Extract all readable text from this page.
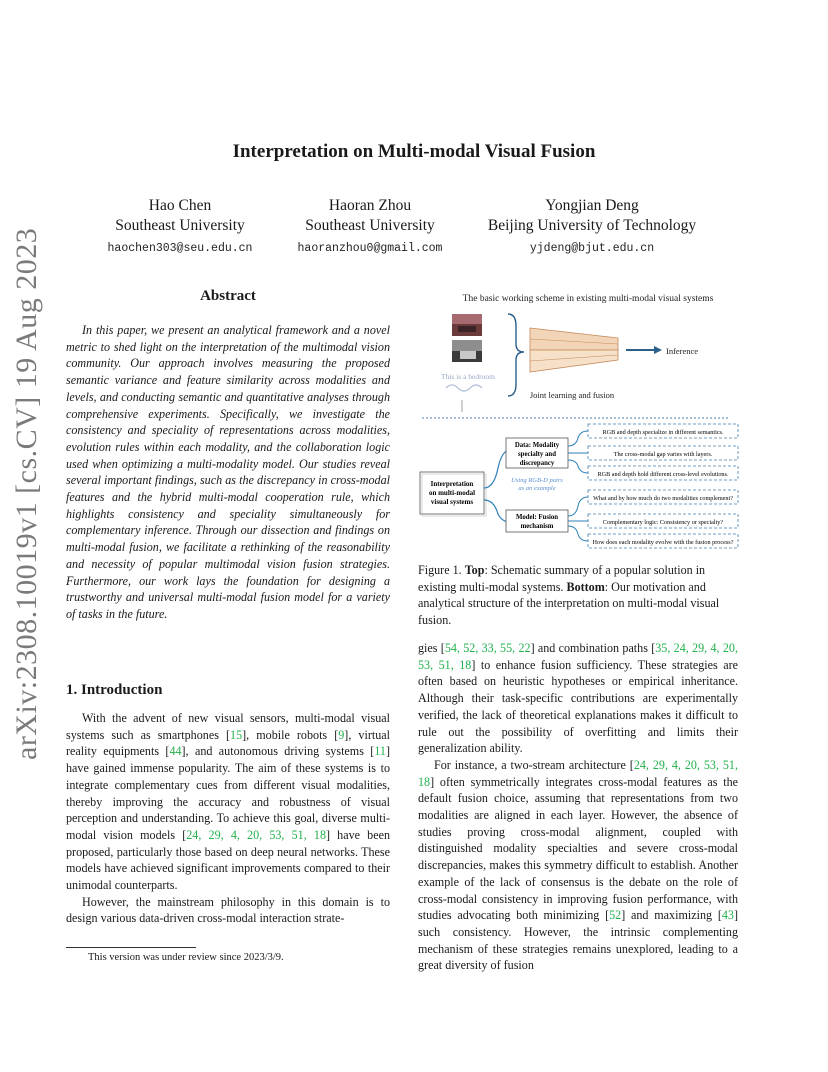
Interpretation on Multi-modal Visual Fusion
Hao Chen
Southeast University
haochen303@seu.edu.cn
Haoran Zhou
Southeast University
haoranzhou0@gmail.com
Yongjian Deng
Beijing University of Technology
yjdeng@bjut.edu.cn
arXiv:2308.10019v1 [cs.CV] 19 Aug 2023	Abstract

In this paper, we present an analytical framework and a novel metric to shed light on the interpretation of the multimodal vision community. Our approach involves measuring the proposed semantic variance and feature similarity across modalities and levels, and conducting semantic and quantitative analyses through comprehensive experiments. Specifically, we investigate the consistency and speciality of representations across modalities, evolution rules within each modality, and the collaboration logic used when optimizing a multi-modality model. Our studies reveal several important findings, such as the discrepancy in cross-modal features and the hybrid multi-modal cooperation rule, which highlights consistency and speciality simultaneously for complementary inference. Through our dissection and findings on multi-modal fusion, we facilitate a rethinking of the reasonability and necessity of popular multimodal vision fusion strategies. Furthermore, our work lays the foundation for designing a trustworthy and universal multi-modal fusion model for a variety of tasks in the future.

1. Introduction

With the advent of new visual sensors, multi-modal visual systems such as smartphones [15], mobile robots [9], virtual reality equipments [44], and autonomous driving systems [11] have gained immense popularity. The aim of these systems is to integrate complementary cues from different visual modalities, thereby improving the accuracy and robustness of visual perception and understanding. To achieve this goal, diverse multi-modal vision models [24, 29, 4, 20, 53, 51, 18] have been proposed, particularly those based on deep neural networks. These models have achieved significant improvements compared to their unimodal counterparts.

However, the mainstream philosophy in this domain is to design various data-driven cross-modal interaction strate-

This version was under review since 2023/3/9.
The basic working scheme in existing multi-modal visual systems
This is a bedroom
Inference
Joint learning and fusion
Interpretation
on multi-modal
visual systems
Data: Modality
specialty and
discrepancy
Using RGB-D pairs
as an example
Model: Fusion
mechanism
RGB and depth specialize in different semantics.
The cross-modal gap varies with layers.
RGB and depth hold different cross-level evolutions.
What and by how much do two modalities complement?
Complementary logic: Consistency or specialty?
How does each modality evolve with the fusion process?
Figure 1. Top: Schematic summary of a popular solution in existing multi-modal systems. Bottom: Our motivation and analytical structure of the interpretation on multi-modal visual fusion.

gies [54, 52, 33, 55, 22] and combination paths [35, 24, 29, 4, 20, 53, 51, 18] to enhance fusion sufficiency. These strategies are often based on heuristic hypotheses or empirical inheritance. Although their task-specific contributions are experimentally verified, the lack of theoretical explanations makes it difficult to rule out the possibility of overfitting and limits their generalization ability.

For instance, a two-stream architecture [24, 29, 4, 20, 53, 51, 18] often symmetrically integrates cross-modal features as the default fusion choice, assuming that representations from two modalities are aligned in each layer. However, the absence of studies proving cross-modal alignment, coupled with distinguished modality specialties and severe cross-modal discrepancies, makes this symmetry difficult to establish. Another example of the lack of consensus is the debate on the role of cross-modal consistency in improving fusion performance, with studies advocating both minimizing [52] and maximizing [43] such consistency. However, the intrinsic complementing mechanism of these strategies remains unexplored, leading to a great diversity of fusion
